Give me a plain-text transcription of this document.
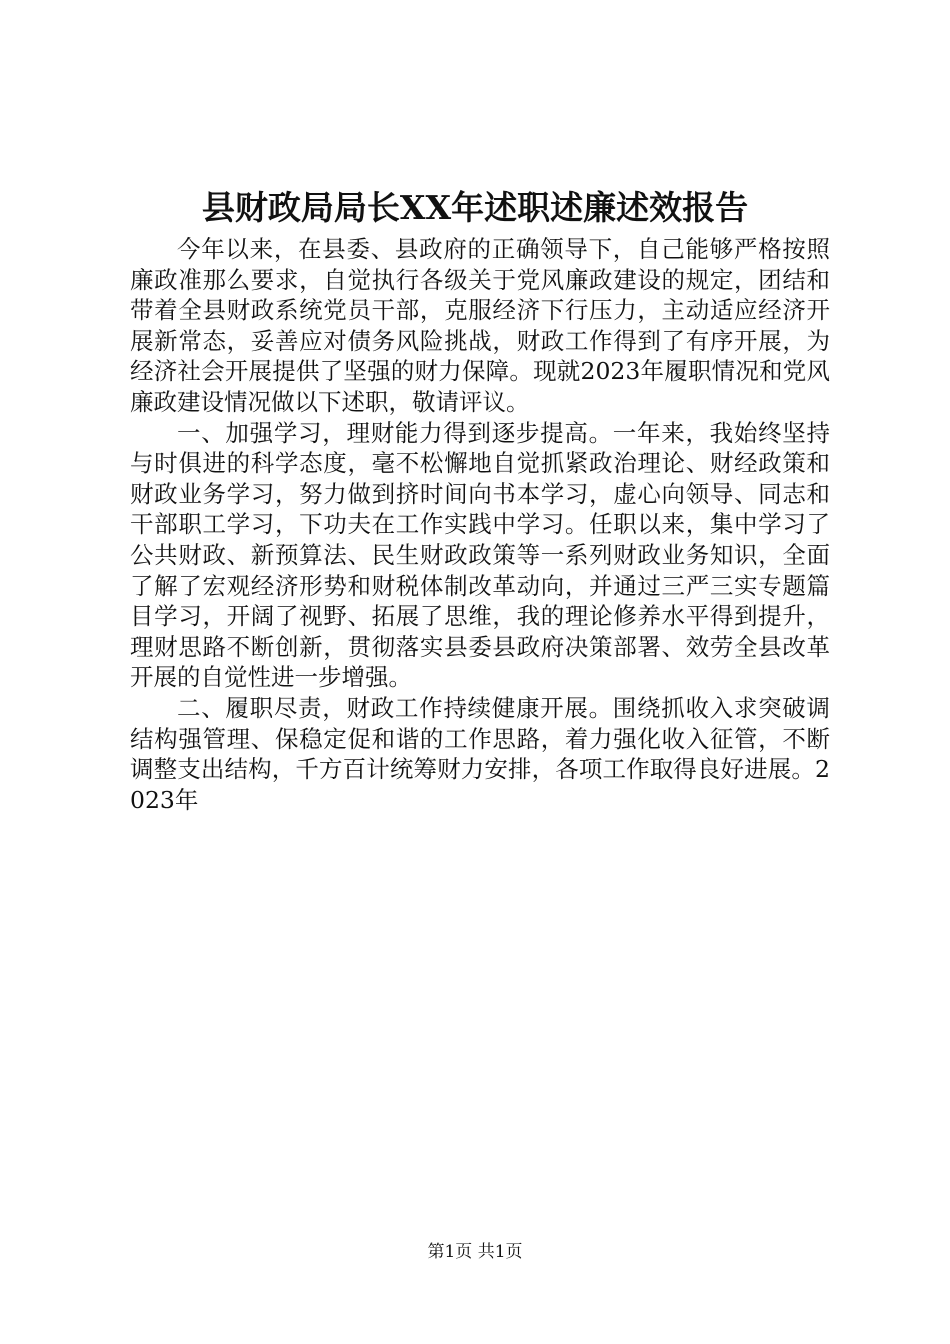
县财政局局长XX年述职述廉述效报告

今年以来，在县委、县政府的正确领导下，自己能够严格按照廉政准那么要求，自觉执行各级关于党风廉政建设的规定，团结和带着全县财政系统党员干部，克服经济下行压力，主动适应经济开展新常态，妥善应对债务风险挑战，财政工作得到了有序开展，为经济社会开展提供了坚强的财力保障。现就2023年履职情况和党风廉政建设情况做以下述职，敬请评议。

一、加强学习，理财能力得到逐步提高。一年来，我始终坚持与时俱进的科学态度，毫不松懈地自觉抓紧政治理论、财经政策和财政业务学习，努力做到挤时间向书本学习，虚心向领导、同志和干部职工学习，下功夫在工作实践中学习。任职以来，集中学习了公共财政、新预算法、民生财政政策等一系列财政业务知识，全面了解了宏观经济形势和财税体制改革动向，并通过三严三实专题篇目学习，开阔了视野、拓展了思维，我的理论修养水平得到提升，理财思路不断创新，贯彻落实县委县政府决策部署、效劳全县改革开展的自觉性进一步增强。

二、履职尽责，财政工作持续健康开展。围绕抓收入求突破调结构强管理、保稳定促和谐的工作思路，着力强化收入征管，不断调整支出结构，千方百计统筹财力安排，各项工作取得良好进展。2023年

第1页 共1页
